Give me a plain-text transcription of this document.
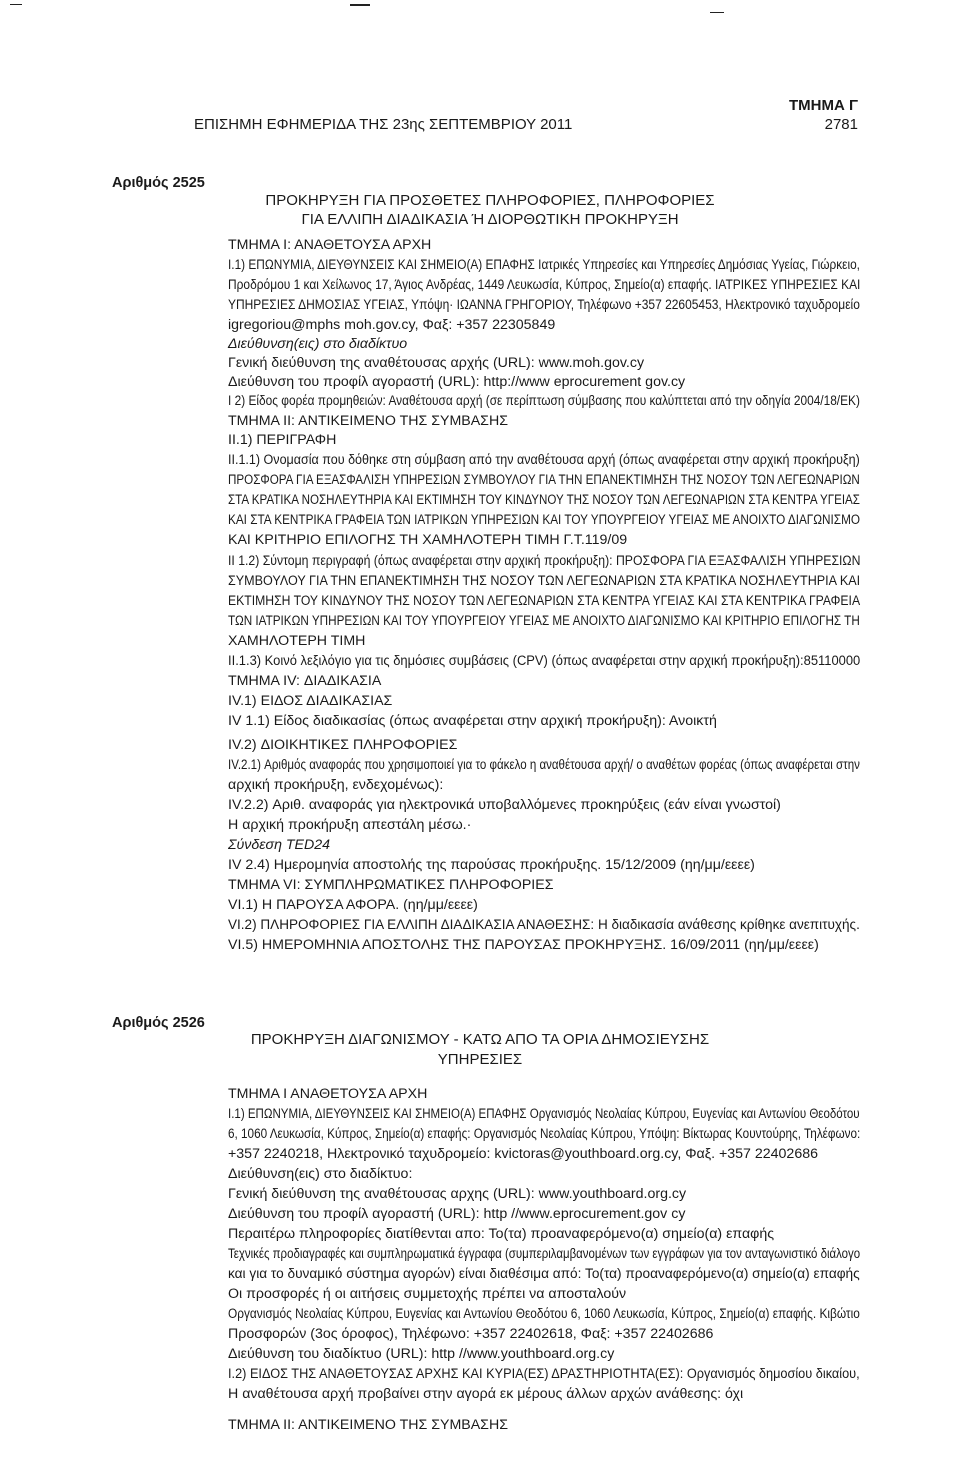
ΤΜΗΜΑ Γ
ΕΠΙΣΗΜΗ ΕΦΗΜΕΡΙΔΑ ΤΗΣ 23ης ΣΕΠΤΕΜΒΡΙΟΥ 2011	2781
Αριθμός 2525
ΠΡΟΚΗΡΥΞΗ ΓΙΑ ΠΡΟΣΘΕΤΕΣ ΠΛΗΡΟΦΟΡΙΕΣ, ΠΛΗΡΟΦΟΡΙΕΣ
ΓΙΑ ΕΛΛΙΠΗ ΔΙΑΔΙΚΑΣΙΑ Ή ΔΙΟΡΘΩΤΙΚΗ ΠΡΟΚΗΡΥΞΗ
ΤΜΗΜΑ Ι: ΑΝΑΘΕΤΟΥΣΑ ΑΡΧΗ
Ι.1) ΕΠΩΝΥΜΙΑ, ΔΙΕΥΘΥΝΣΕΙΣ ΚΑΙ ΣΗΜΕΙΟ(Α) ΕΠΑΦΗΣ Ιατρικές Υπηρεσίες και Υπηρεσίες Δημόσιας Υγείας, Γιώρκειο,
Προδρόμου 1 και Χείλωνος 17, Άγιος Ανδρέας, 1449 Λευκωσία, Κύπρος, Σημείο(α) επαφής. ΙΑΤΡΙΚΕΣ ΥΠΗΡΕΣΙΕΣ ΚΑΙ
ΥΠΗΡΕΣΙΕΣ ΔΗΜΟΣΙΑΣ ΥΓΕΙΑΣ, Υπόψη· ΙΩΑΝΝΑ ΓΡΗΓΟΡΙΟΥ, Τηλέφωνο +357 22605453, Ηλεκτρονικό ταχυδρομείο
igregoriou@mphs moh.gov.cy, Φαξ: +357 22305849
Διεύθυνση(εις) στο διαδίκτυο
Γενική διεύθυνση της αναθέτουσας αρχής (URL): www.moh.gov.cy
Διεύθυνση του προφίλ αγοραστή (URL): http://www eprocurement gov.cy
Ι 2) Είδος φορέα προμηθειών: Αναθέτουσα αρχή (σε περίπτωση σύμβασης που καλύπτεται από την οδηγία 2004/18/ΕΚ)
ΤΜΗΜΑ ΙΙ: ΑΝΤΙΚΕΙΜΕΝΟ ΤΗΣ ΣΥΜΒΑΣΗΣ
ΙΙ.1) ΠΕΡΙΓΡΑΦΗ
ΙΙ.1.1) Ονομασία που δόθηκε στη σύμβαση από την αναθέτουσα αρχή (όπως αναφέρεται στην αρχική προκήρυξη)
ΠΡΟΣΦΟΡΑ ΓΙΑ ΕΞΑΣΦΑΛΙΣΗ ΥΠΗΡΕΣΙΩΝ ΣΥΜΒΟΥΛΟΥ ΓΙΑ ΤΗΝ ΕΠΑΝΕΚΤΙΜΗΣΗ ΤΗΣ ΝΟΣΟΥ ΤΩΝ ΛΕΓΕΩΝΑΡΙΩΝ
ΣΤΑ ΚΡΑΤΙΚΑ ΝΟΣΗΛΕΥΤΗΡΙΑ ΚΑΙ ΕΚΤΙΜΗΣΗ ΤΟΥ ΚΙΝΔΥΝΟΥ ΤΗΣ ΝΟΣΟΥ ΤΩΝ ΛΕΓΕΩΝΑΡΙΩΝ ΣΤΑ ΚΕΝΤΡΑ ΥΓΕΙΑΣ
ΚΑΙ ΣΤΑ ΚΕΝΤΡΙΚΑ ΓΡΑΦΕΙΑ ΤΩΝ ΙΑΤΡΙΚΩΝ ΥΠΗΡΕΣΙΩΝ ΚΑΙ ΤΟΥ ΥΠΟΥΡΓΕΙΟΥ ΥΓΕΙΑΣ ΜΕ ΑΝΟΙΧΤΟ ΔΙΑΓΩΝΙΣΜΟ
ΚΑΙ ΚΡΙΤΗΡΙΟ ΕΠΙΛΟΓΗΣ ΤΗ ΧΑΜΗΛΟΤΕΡΗ ΤΙΜΗ Γ.Τ.119/09
ΙΙ 1.2) Σύντομη περιγραφή (όπως αναφέρεται στην αρχική προκήρυξη): ΠΡΟΣΦΟΡΑ ΓΙΑ ΕΞΑΣΦΑΛΙΣΗ ΥΠΗΡΕΣΙΩΝ
ΣΥΜΒΟΥΛΟΥ ΓΙΑ ΤΗΝ ΕΠΑΝΕΚΤΙΜΗΣΗ ΤΗΣ ΝΟΣΟΥ ΤΩΝ ΛΕΓΕΩΝΑΡΙΩΝ ΣΤΑ ΚΡΑΤΙΚΑ ΝΟΣΗΛΕΥΤΗΡΙΑ ΚΑΙ
ΕΚΤΙΜΗΣΗ ΤΟΥ ΚΙΝΔΥΝΟΥ ΤΗΣ ΝΟΣΟΥ ΤΩΝ ΛΕΓΕΩΝΑΡΙΩΝ ΣΤΑ ΚΕΝΤΡΑ ΥΓΕΙΑΣ ΚΑΙ ΣΤΑ ΚΕΝΤΡΙΚΑ ΓΡΑΦΕΙΑ
ΤΩΝ ΙΑΤΡΙΚΩΝ ΥΠΗΡΕΣΙΩΝ ΚΑΙ ΤΟΥ ΥΠΟΥΡΓΕΙΟΥ ΥΓΕΙΑΣ ΜΕ ΑΝΟΙΧΤΟ ΔΙΑΓΩΝΙΣΜΟ ΚΑΙ ΚΡΙΤΗΡΙΟ ΕΠΙΛΟΓΗΣ ΤΗ
ΧΑΜΗΛΟΤΕΡΗ ΤΙΜΗ
ΙΙ.1.3) Κοινό λεξιλόγιο για τις δημόσιες συμβάσεις (CPV) (όπως αναφέρεται στην αρχική προκήρυξη):85110000
ΤΜΗΜΑ ΙV: ΔΙΑΔΙΚΑΣΙΑ
ΙV.1) ΕΙΔΟΣ ΔΙΑΔΙΚΑΣΙΑΣ
ΙV 1.1) Είδος διαδικασίας (όπως αναφέρεται στην αρχική προκήρυξη): Ανοικτή
ΙV.2) ΔΙΟΙΚΗΤΙΚΕΣ ΠΛΗΡΟΦΟΡΙΕΣ
ΙV.2.1) Αριθμός αναφοράς που χρησιμοποιεί για το φάκελο η αναθέτουσα αρχή/ ο αναθέτων φορέας (όπως αναφέρεται στην
αρχική προκήρυξη, ενδεχομένως):
ΙV.2.2) Αριθ. αναφοράς για ηλεκτρονικά υποβαλλόμενες προκηρύξεις (εάν είναι γνωστοί)
Η αρχική προκήρυξη απεστάλη μέσω.·
Σύνδεση TED24
ΙV 2.4) Ημερομηνία αποστολής της παρούσας προκήρυξης. 15/12/2009 (ηη/μμ/εεεε)
ΤΜΗΜΑ VΙ: ΣΥΜΠΛΗΡΩΜΑΤΙΚΕΣ ΠΛΗΡΟΦΟΡΙΕΣ
VΙ.1) Η ΠΑΡΟΥΣΑ ΑΦΟΡΑ. (ηη/μμ/εεεε)
VΙ.2) ΠΛΗΡΟΦΟΡΙΕΣ ΓΙΑ ΕΛΛΙΠΗ ΔΙΑΔΙΚΑΣΙΑ ΑΝΑΘΕΣΗΣ: Η διαδικασία ανάθεσης κρίθηκε ανεπιτυχής.
VΙ.5) ΗΜΕΡΟΜΗΝΙΑ ΑΠΟΣΤΟΛΗΣ ΤΗΣ ΠΑΡΟΥΣΑΣ ΠΡΟΚΗΡΥΞΗΣ. 16/09/2011 (ηη/μμ/εεεε)
Αριθμός 2526
ΠΡΟΚΗΡΥΞΗ ΔΙΑΓΩΝΙΣΜΟΥ - ΚΑΤΩ ΑΠΟ ΤΑ ΟΡΙΑ ΔΗΜΟΣΙΕΥΣΗΣ
ΥΠΗΡΕΣΙΕΣ
ΤΜΗΜΑ Ι ΑΝΑΘΕΤΟΥΣΑ ΑΡΧΗ
Ι.1) ΕΠΩΝΥΜΙΑ, ΔΙΕΥΘΥΝΣΕΙΣ ΚΑΙ ΣΗΜΕΙΟ(Α) ΕΠΑΦΗΣ Οργανισμός Νεολαίας Κύπρου, Ευγενίας και Αντωνίου Θεοδότου
6, 1060 Λευκωσία, Κύπρος, Σημείο(α) επαφής: Οργανισμός Νεολαίας Κύπρου, Υπόψη: Βίκτωρας Κουντούρης, Τηλέφωνο:
+357 2240218, Ηλεκτρονικό ταχυδρομείο: kvictoras@youthboard.org.cy, Φαξ. +357 22402686
Διεύθυνση(εις) στο διαδίκτυο:
Γενική διεύθυνση της αναθέτουσας αρχης (URL): www.youthboard.org.cy
Διεύθυνση του προφίλ αγοραστή (URL): http //www.eprocurement.gov cy
Περαιτέρω πληροφορίες διατίθενται απο: Το(τα) προαναφερόμενο(α) σημείο(α) επαφής
Τεχνικές προδιαγραφές και συμπληρωματικά έγγραφα (συμπεριλαμβανομένων των εγγράφων για τον ανταγωνιστικό διάλογο
και για το δυναμικό σύστημα αγορών) είναι διαθέσιμα από: Το(τα) προαναφερόμενο(α) σημείο(α) επαφής
Οι προσφορές ή οι αιτήσεις συμμετοχής πρέπει να αποσταλούν
Οργανισμός Νεολαίας Κύπρου, Ευγενίας και Αντωνίου Θεοδότου 6, 1060 Λευκωσία, Κύπρος, Σημείο(α) επαφής. Κιβώτιο
Προσφορών (3ος όροφος), Τηλέφωνο: +357 22402618, Φαξ: +357 22402686
Διεύθυνση του διαδίκτυο (URL): http //www.youthboard.org.cy
Ι.2) ΕΙΔΟΣ ΤΗΣ ΑΝΑΘΕΤΟΥΣΑΣ ΑΡΧΗΣ ΚΑΙ ΚΥΡΙΑ(ΕΣ) ΔΡΑΣΤΗΡΙΟΤΗΤΑ(ΕΣ): Οργανισμός δημοσίου δικαίου,
Η αναθέτουσα αρχή προβαίνει στην αγορά εκ μέρους άλλων αρχών ανάθεσης: όχι
ΤΜΗΜΑ ΙΙ: ΑΝΤΙΚΕΙΜΕΝΟ ΤΗΣ ΣΥΜΒΑΣΗΣ
